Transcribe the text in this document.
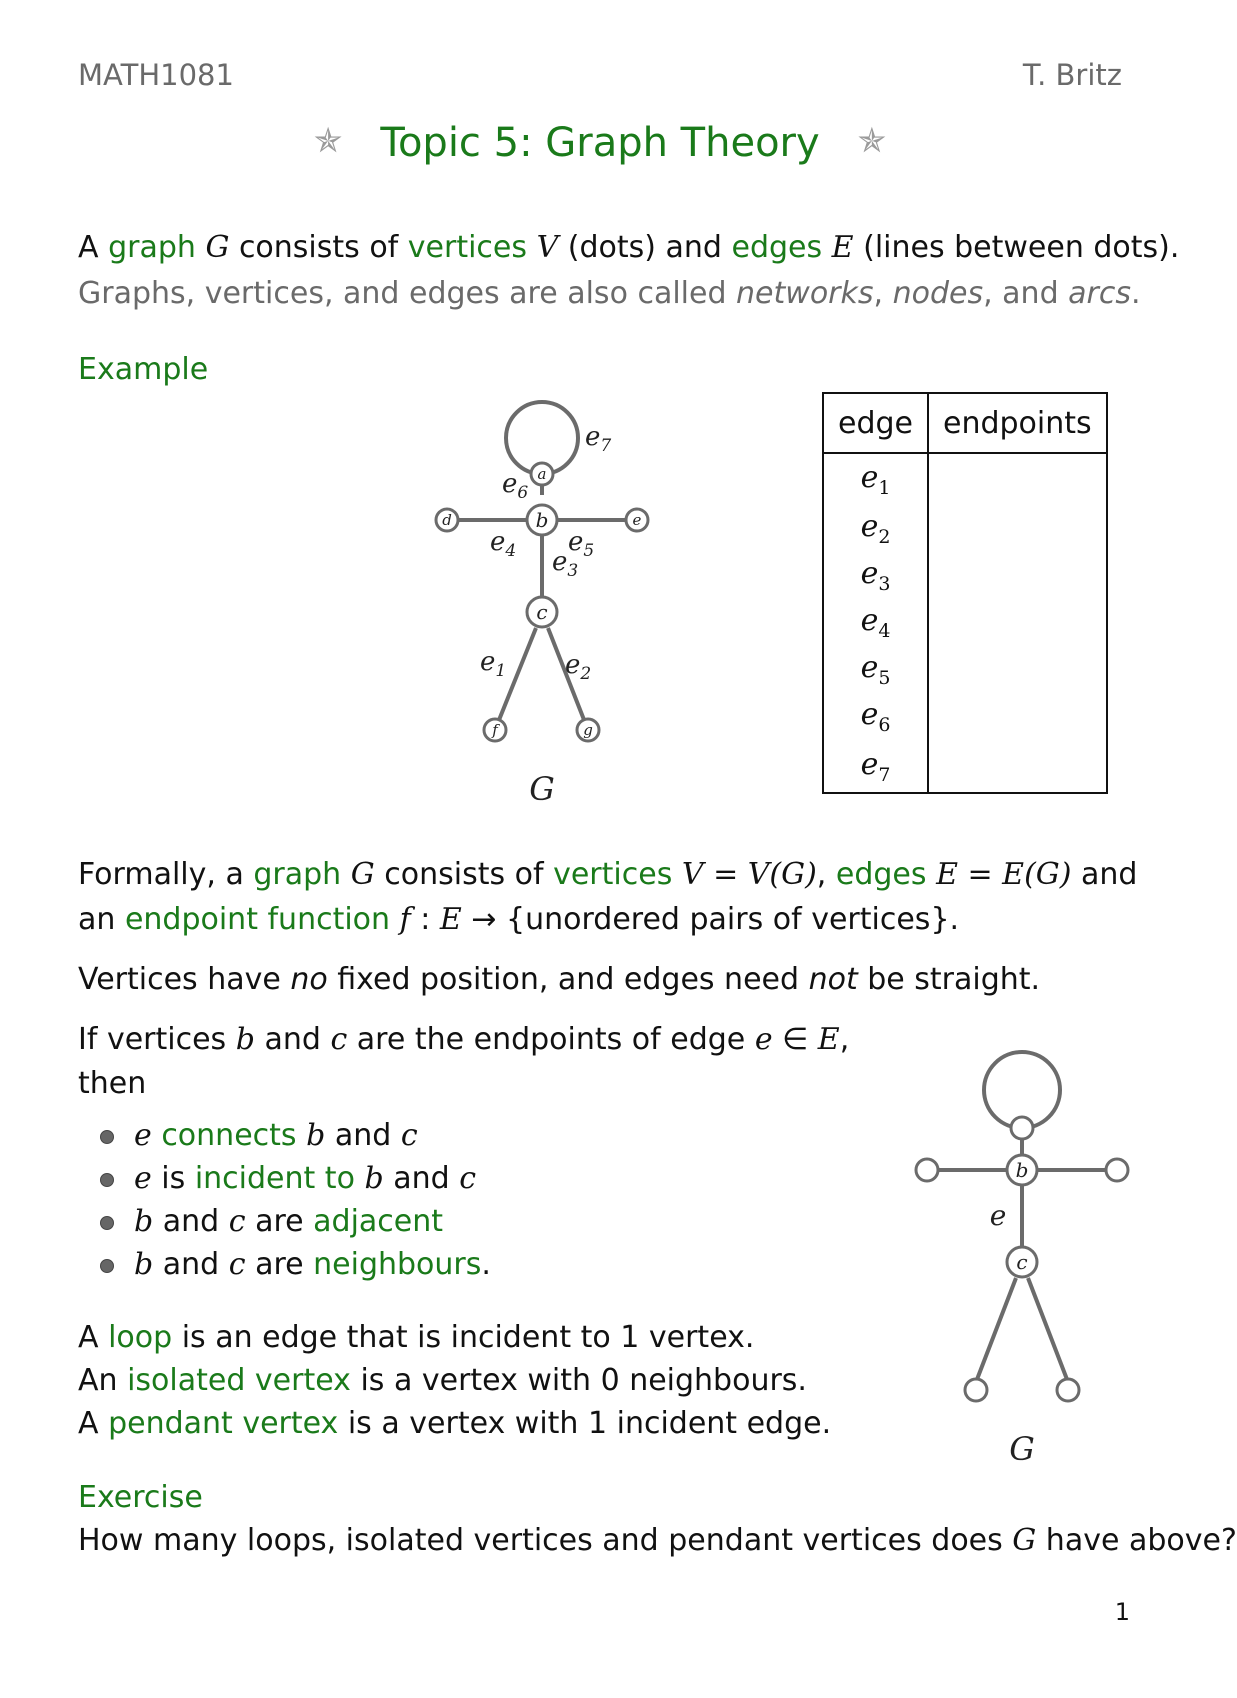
MATH1081	T. Britz
✯ Topic 5: Graph Theory ✯
A graph G consists of vertices V (dots) and edges E (lines between dots).
Graphs, vertices, and edges are also called networks, nodes, and arcs.
Example
a
b
c
d	e
f	g
$e_7$
$e_6$
$e_4$ $e_5$
$e_3$
$e_1$ $e_2$
G
edge	endpoints
$e_1$	
$e_2$	
$e_3$	
$e_4$	
$e_5$	
$e_6$	
$e_7$	
Formally, a graph G consists of vertices V = V(G), edges E = E(G) and
an endpoint function f : E → {unordered pairs of vertices}.
Vertices have no fixed position, and edges need not be straight.
If vertices b and c are the endpoints of edge e ∈ E,
then
e connects b and c
e is incident to b and c
b and c are adjacent
b and c are neighbours.
A loop is an edge that is incident to 1 vertex.
An isolated vertex is a vertex with 0 neighbours.
A pendant vertex is a vertex with 1 incident edge.
b
c
e
G
Exercise
How many loops, isolated vertices and pendant vertices does G have above?
1
